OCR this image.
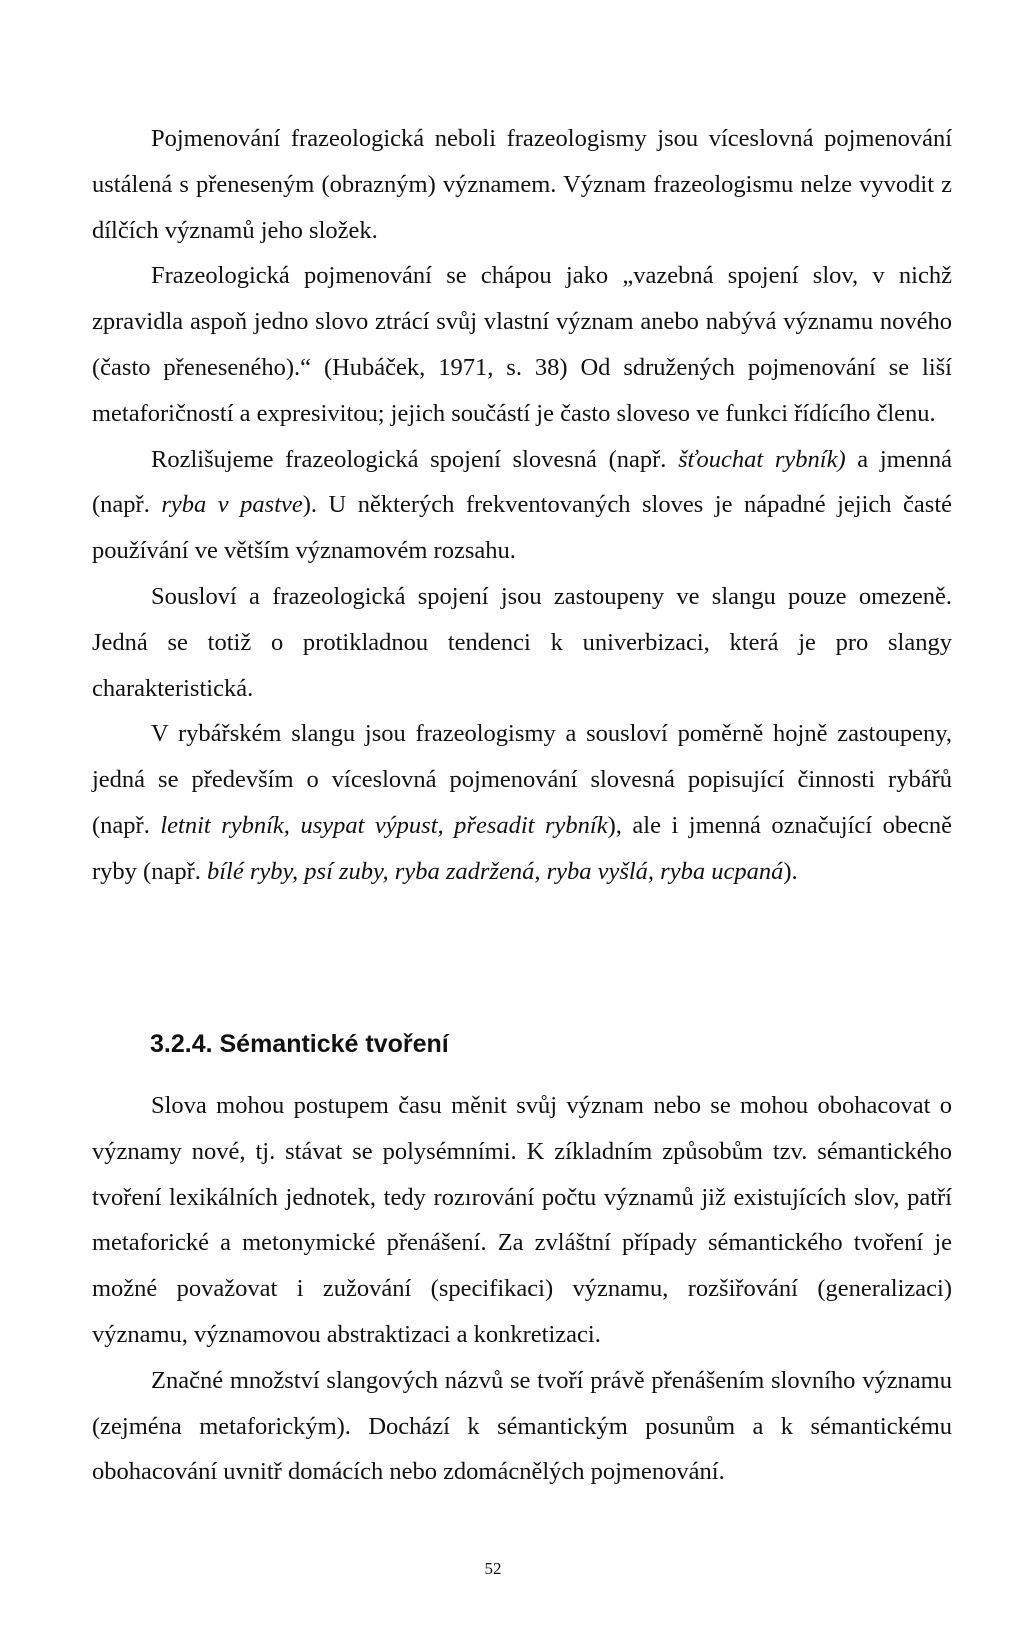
Pojmenování frazeologická neboli frazeologismy jsou víceslovná pojmenování ustálená s přeneseným (obrazným) významem. Význam frazeologismu nelze vyvodit z dílčích významů jeho složek.

Frazeologická pojmenování se chápou jako „vazebná spojení slov, v nichž zpravidla aspoň jedno slovo ztrácí svůj vlastní význam anebo nabývá významu nového (často přeneseného).“ (Hubáček, 1971, s. 38) Od sdružených pojmenování se liší metaforičností a expresivitou; jejich součástí je často sloveso ve funkci řídícího členu.

Rozlišujeme frazeologická spojení slovesná (např. šťouchat rybník) a jmenná (např. ryba v pastve). U některých frekventovaných sloves je nápadné jejich časté používání ve větším významovém rozsahu.

Sousloví a frazeologická spojení jsou zastoupeny ve slangu pouze omezeně. Jedná se totiž o protikladnou tendenci k univerbizaci, která je pro slangy charakteristická.

V rybářském slangu jsou frazeologismy a sousloví poměrně hojně zastoupeny, jedná se především o víceslovná pojmenování slovesná popisující činnosti rybářů (např. letnit rybník, usypat výpust, přesadit rybník), ale i jmenná označující obecně ryby (např. bílé ryby, psí zuby, ryba zadržená, ryba vyšlá, ryba ucpaná).

3.2.4. Sémantické tvoření

Slova mohou postupem času měnit svůj význam nebo se mohou obohacovat o významy nové, tj. stávat se polysémními. K zíkladním způsobům tzv. sémantického tvoření lexikálních jednotek, tedy rozırování počtu významů již existujících slov, patří metaforické a metonymické přenášení. Za zvláštní případy sémantického tvoření je možné považovat i zužování (specifikaci) významu, rozšiřování (generalizaci) významu, významovou abstraktizaci a konkretizaci.

Značné množství slangových názvů se tvoří právě přenášením slovního významu (zejména metaforickým). Dochází k sémantickým posunům a k sémantickému obohacování uvnitř domácích nebo zdomácnělých pojmenování.

52
